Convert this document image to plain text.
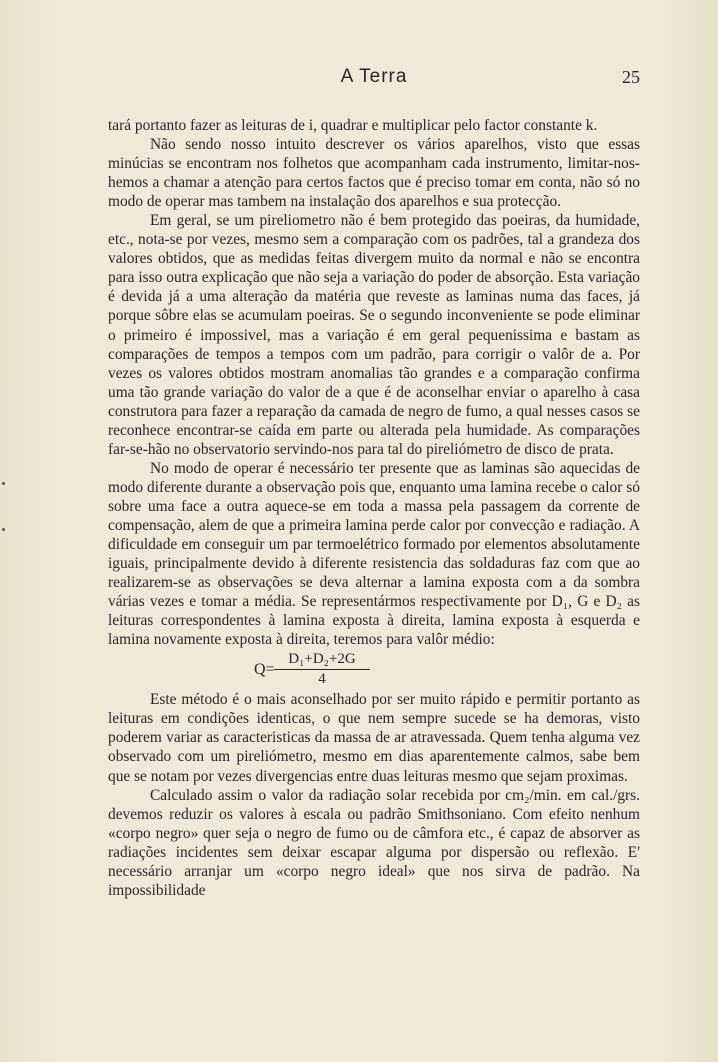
A Terra	25

tará portanto fazer as leituras de i, quadrar e multiplicar pelo factor constante k.

Não sendo nosso intuito descrever os vários aparelhos, visto que essas minúcias se encontram nos folhetos que acompanham cada instrumento, limitar-nos-hemos a chamar a atenção para certos factos que é preciso tomar em conta, não só no modo de operar mas tambem na instalação dos aparelhos e sua protecção.

Em geral, se um pireliometro não é bem protegido das poeiras, da humidade, etc., nota-se por vezes, mesmo sem a comparação com os padrões, tal a grandeza dos valores obtidos, que as medidas feitas divergem muito da normal e não se encontra para isso outra explicação que não seja a variação do poder de absorção. Esta variação é devida já a uma alteração da matéria que reveste as laminas numa das faces, já porque sôbre elas se acumulam poeiras. Se o segundo inconveniente se pode eliminar o primeiro é impossivel, mas a variação é em geral pequenissima e bastam as comparações de tempos a tempos com um padrão, para corrigir o valôr de a. Por vezes os valores obtidos mostram anomalias tão grandes e a comparação confirma uma tão grande variação do valor de a que é de aconselhar enviar o aparelho à casa construtora para fazer a reparação da camada de negro de fumo, a qual nesses casos se reconhece encontrar-se caída em parte ou alterada pela humidade. As comparações far-se-hão no observatorio servindo-nos para tal do pireliómetro de disco de prata.

No modo de operar é necessário ter presente que as laminas são aquecidas de modo diferente durante a observação pois que, enquanto uma lamina recebe o calor só sobre uma face a outra aquece-se em toda a massa pela passagem da corrente de compensação, alem de que a primeira lamina perde calor por convecção e radiação. A dificuldade em conseguir um par termoelétrico formado por elementos absolutamente iguais, principalmente devido à diferente resistencia das soldaduras faz com que ao realizarem-se as observações se deva alternar a lamina exposta com a da sombra várias vezes e tomar a média. Se representármos respectivamente por D₁, G e D₂ as leituras correspondentes à lamina exposta à direita, lamina exposta à esquerda e lamina novamente exposta à direita, teremos para valôr médio:

$Q= \frac{\text{D₁+D₂+2G}}{4}$

Este método é o mais aconselhado por ser muito rápido e permitir portanto as leituras em condições identicas, o que nem sempre sucede se ha demoras, visto poderem variar as caracteristicas da massa de ar atravessada. Quem tenha alguma vez observado com um pireliómetro, mesmo em dias aparentemente calmos, sabe bem que se notam por vezes divergencias entre duas leituras mesmo que sejam proximas.

Calculado assim o valor da radiação solar recebida por cm₂/min. em cal./grs. devemos reduzir os valores à escala ou padrão Smithsoniano. Com efeito nenhum «corpo negro» quer seja o negro de fumo ou de câmfora etc., é capaz de absorver as radiações incidentes sem deixar escapar alguma por dispersão ou reflexão. E' necessário arranjar um «corpo negro ideal» que nos sirva de padrão. Na impossibilidade
